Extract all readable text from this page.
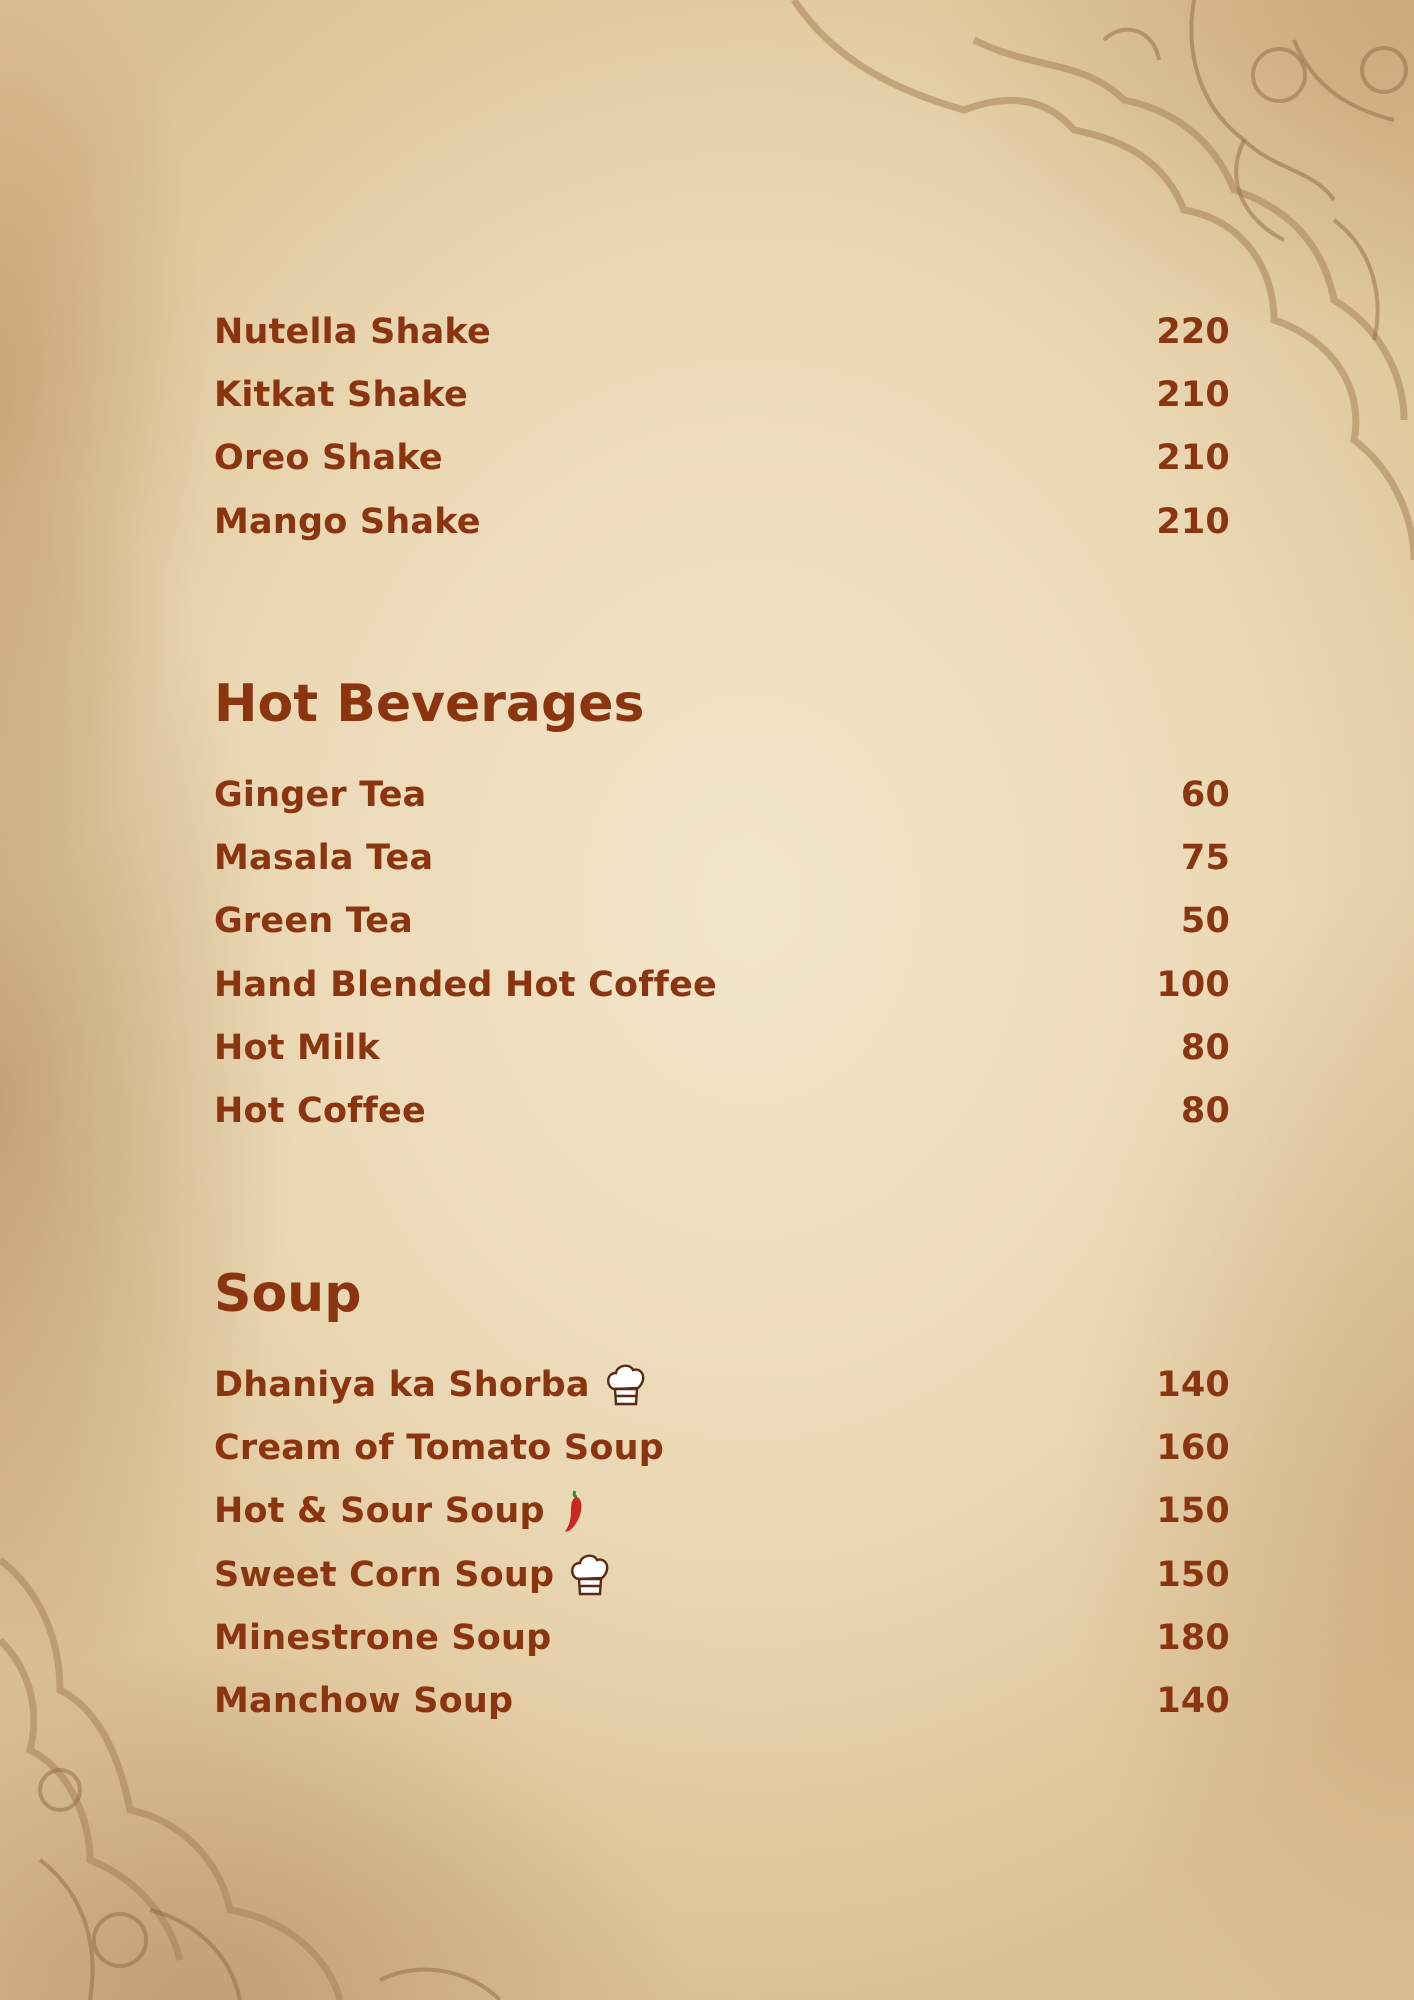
Nutella Shake	220
Kitkat Shake	210
Oreo Shake	210
Mango Shake	210
Hot Beverages
Ginger Tea	60
Masala Tea	75
Green Tea	50
Hand Blended Hot Coffee	100
Hot Milk	80
Hot Coffee	80
Soup
Dhaniya ka Shorba	140
Cream of Tomato Soup	160
Hot & Sour Soup	150
Sweet Corn Soup	150
Minestrone Soup	180
Manchow Soup	140
